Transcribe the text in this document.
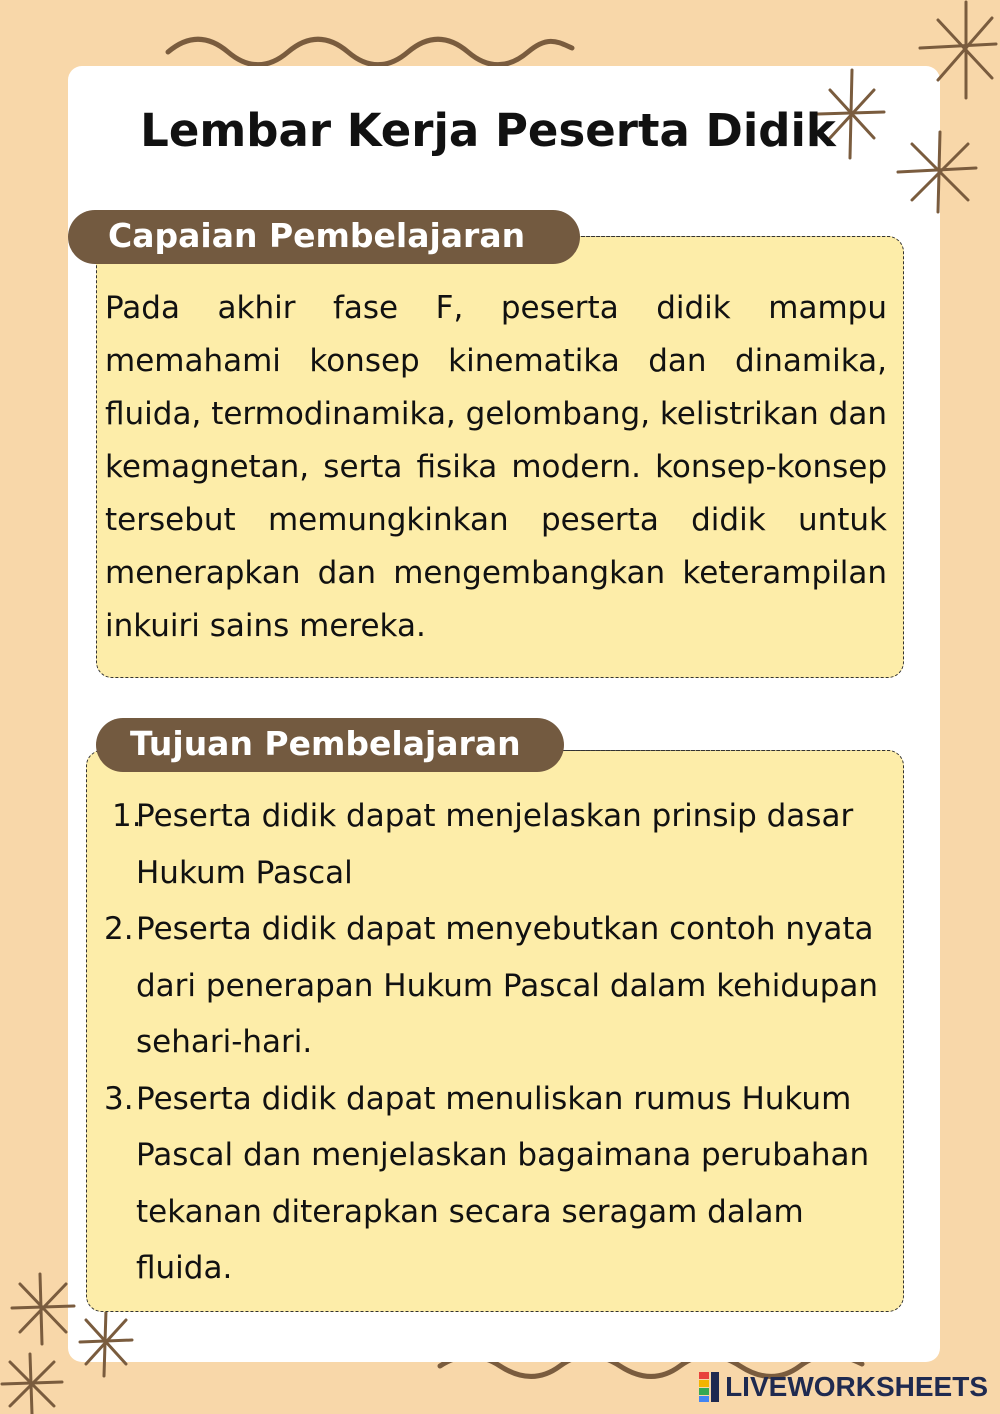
Lembar Kerja Peserta Didik
Capaian Pembelajaran
Pada akhir fase F, peserta didik mampu memahami konsep kinematika dan dinamika, fluida, termodinamika, gelombang, kelistrikan dan kemagnetan, serta fisika modern. konsep-konsep tersebut memungkinkan peserta didik untuk menerapkan dan mengembangkan keterampilan inkuiri sains mereka.
Tujuan Pembelajaran
1.
Peserta didik dapat menjelaskan prinsip dasar Hukum Pascal
2. Peserta didik dapat menyebutkan contoh nyata dari penerapan Hukum Pascal dalam kehidupan sehari-hari.
3. Peserta didik dapat menuliskan rumus Hukum Pascal dan menjelaskan bagaimana perubahan tekanan diterapkan secara seragam dalam fluida.
LIVEWORKSHEETS
